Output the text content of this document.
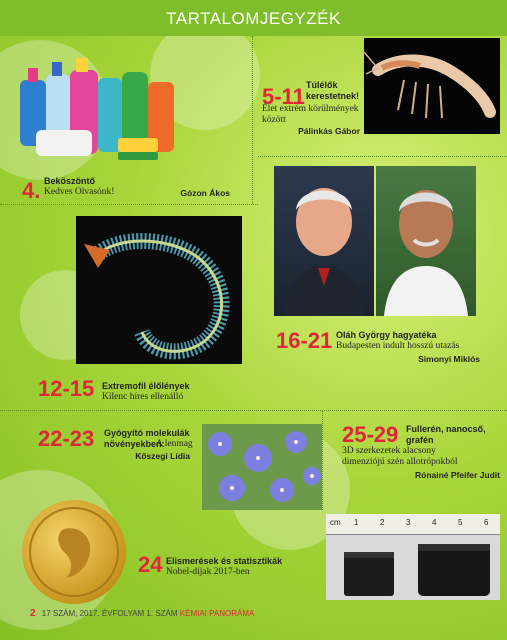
TARTALOMJEGYZÉK
4. Beköszöntő
Kedves Olvasónk!	Gózon Ákos
5-11 Túlélők kerestetnek!
Élet extrém körülmények között
Pálinkás Gábor
12-15 Extremofil élőlények
Kilenc híres ellenálló
16-21 Oláh György hagyatéka
Budapesten indult hosszú utazás
Simonyi Miklós
22-23 Gyógyító molekulák növényekben:
A lenmag
Kőszegi Lídia
25-29 Fullerén, nanocső, grafén
3D szerkezetek alacsony dimenziójú szén allotrópokból
Rónainé Pfeifer Judit
cm 1	2	3	4	5	6
24 Elismerések és statisztikák
Nobel-díjak 2017-ben
2 17 SZÁM, 2017. ÉVFOLYAM 1. SZÁM KÉMIAI PANORÁMA
